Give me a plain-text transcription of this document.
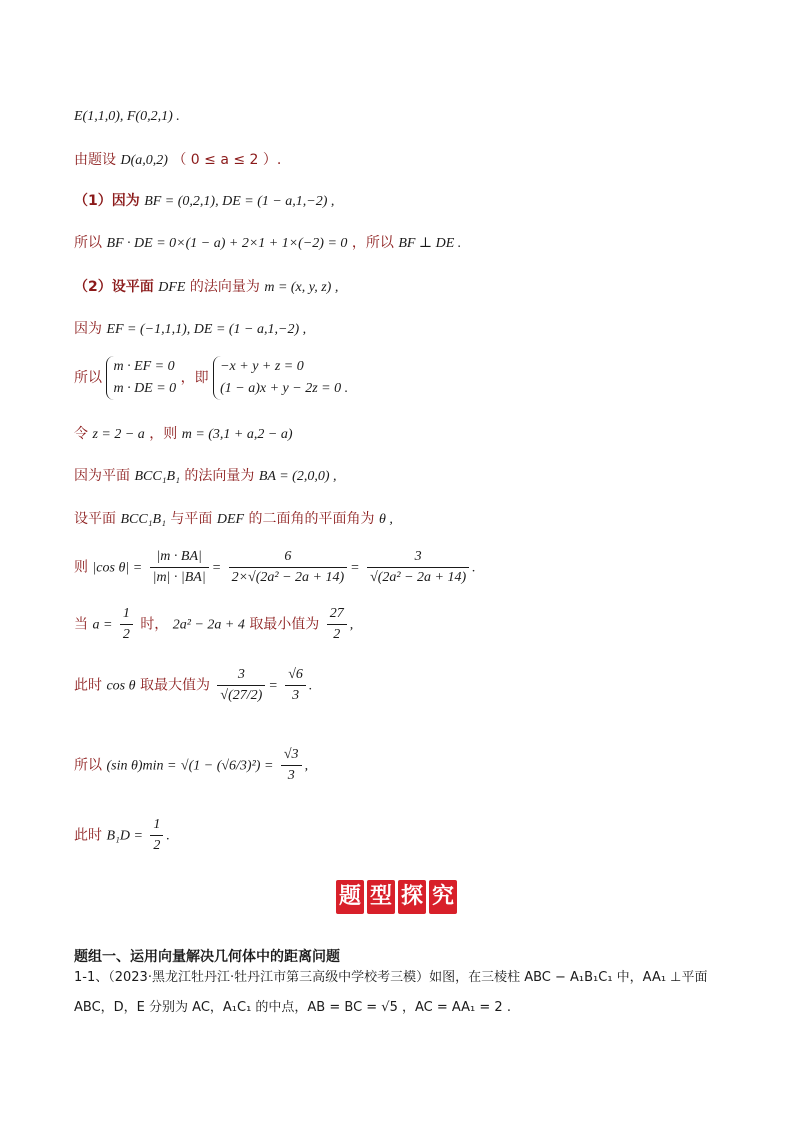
E(1,1,0), F(0,2,1) .
由题设 D(a,0,2) （ 0 ≤ a ≤ 2 ）.
（1）因为 BF = (0,2,1), DE = (1 − a,1,−2) ,
所以 BF · DE = 0×(1 − a) + 2×1 + 1×(−2) = 0 ，所以 BF ⊥ DE .
（2）设平面 DFE 的法向量为 m = (x, y, z) ,
因为 EF = (−1,1,1), DE = (1 − a,1,−2) ,
所以
m · EF = 0
m · DE = 0
，即
−x + y + z = 0
(1 − a)x + y − 2z = 0 .
令 z = 2 − a ，则 m = (3,1 + a,2 − a)
因为平面 BCC₁B₁ 的法向量为 BA = (2,0,0) ,
设平面 BCC₁B₁ 与平面 DEF 的二面角的平面角为 θ ,
则 |cos $\theta| = \frac{|m \cdot BA|}{|m| \cdot |BA|} = \frac{6}{\text{2×√(2a² − 2a + 14)}} = \frac{3}{\text{√(2a² − 2a + 14)}}$ .
当 $a = \frac{1}{2}$ 时， 2a² − 2a + 4 取最小值为 $\frac{27}{2}$ ,
此时 cos θ 取最大值为 $\frac{3}{√(27/2)} = \frac{√6}{3}$ .
所以 (sin $\theta)\min = √(1 - (√6/3)^2) = \frac{√3}{3}$ ,
此时 $B_1D = \frac{1}{2}$ .
题 型 探 究
题组一、运用向量解决几何体中的距离问题
1-1、（2023·黑龙江牡丹江·牡丹江市第三高级中学校考三模）如图，在三棱柱 ABC − A₁B₁C₁ 中，AA₁ ⊥平面
ABC，D，E 分别为 AC，A₁C₁ 的中点，AB = BC = √5 ，AC = AA₁ = 2 .
